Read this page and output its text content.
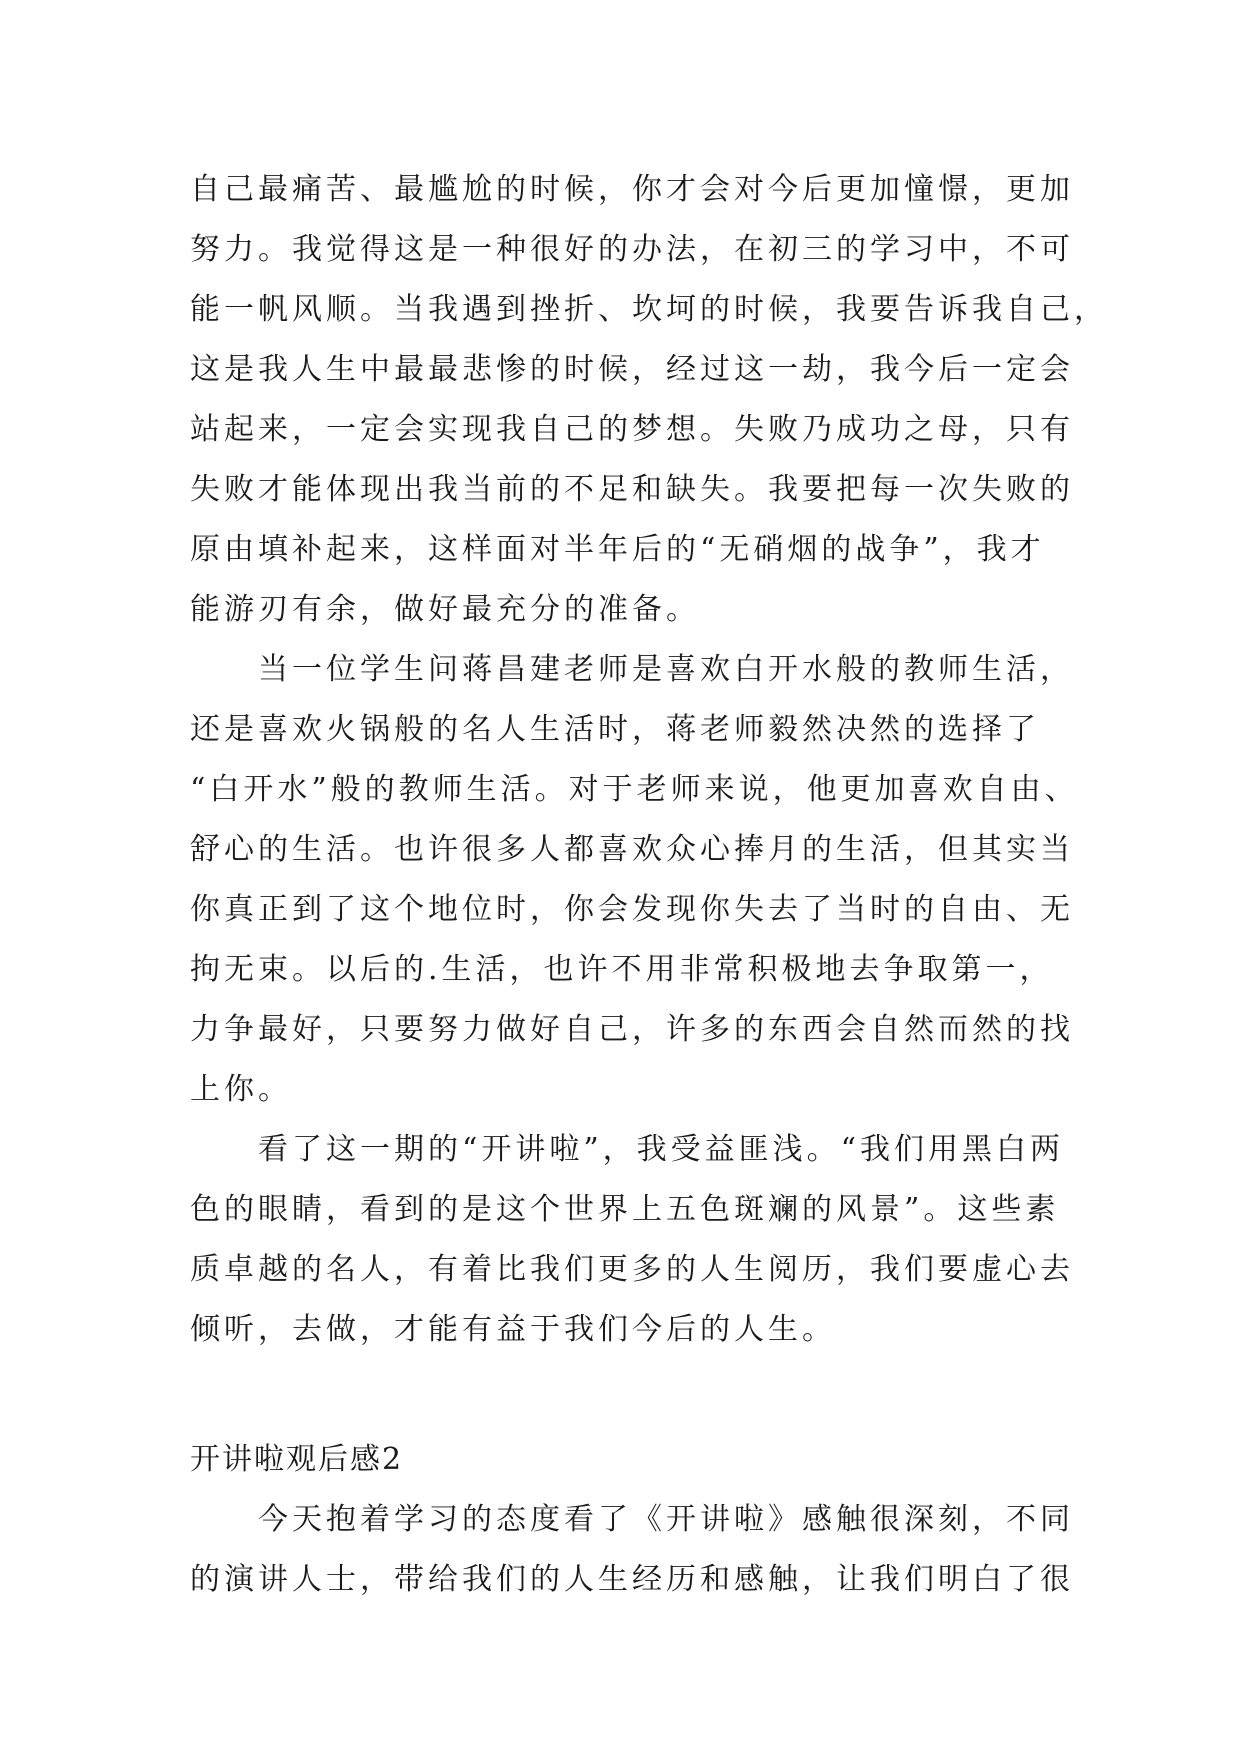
自己最痛苦、最尴尬的时候，你才会对今后更加憧憬，更加
努力。我觉得这是一种很好的办法，在初三的学习中，不可
能一帆风顺。当我遇到挫折、坎坷的时候，我要告诉我自己，
这是我人生中最最悲惨的时候，经过这一劫，我今后一定会
站起来，一定会实现我自己的梦想。失败乃成功之母，只有
失败才能体现出我当前的不足和缺失。我要把每一次失败的
原由填补起来，这样面对半年后的“无硝烟的战争”，我才
能游刃有余，做好最充分的准备。
当一位学生问蒋昌建老师是喜欢白开水般的教师生活，
还是喜欢火锅般的名人生活时，蒋老师毅然决然的选择了
“白开水”般的教师生活。对于老师来说，他更加喜欢自由、
舒心的生活。也许很多人都喜欢众心捧月的生活，但其实当
你真正到了这个地位时，你会发现你失去了当时的自由、无
拘无束。以后的.生活，也许不用非常积极地去争取第一，
力争最好，只要努力做好自己，许多的东西会自然而然的找
上你。
看了这一期的“开讲啦”，我受益匪浅。“我们用黑白两
色的眼睛，看到的是这个世界上五色斑斓的风景”。这些素
质卓越的名人，有着比我们更多的人生阅历，我们要虚心去
倾听，去做，才能有益于我们今后的人生。
开讲啦观后感2
今天抱着学习的态度看了《开讲啦》感触很深刻，不同
的演讲人士，带给我们的人生经历和感触，让我们明白了很
